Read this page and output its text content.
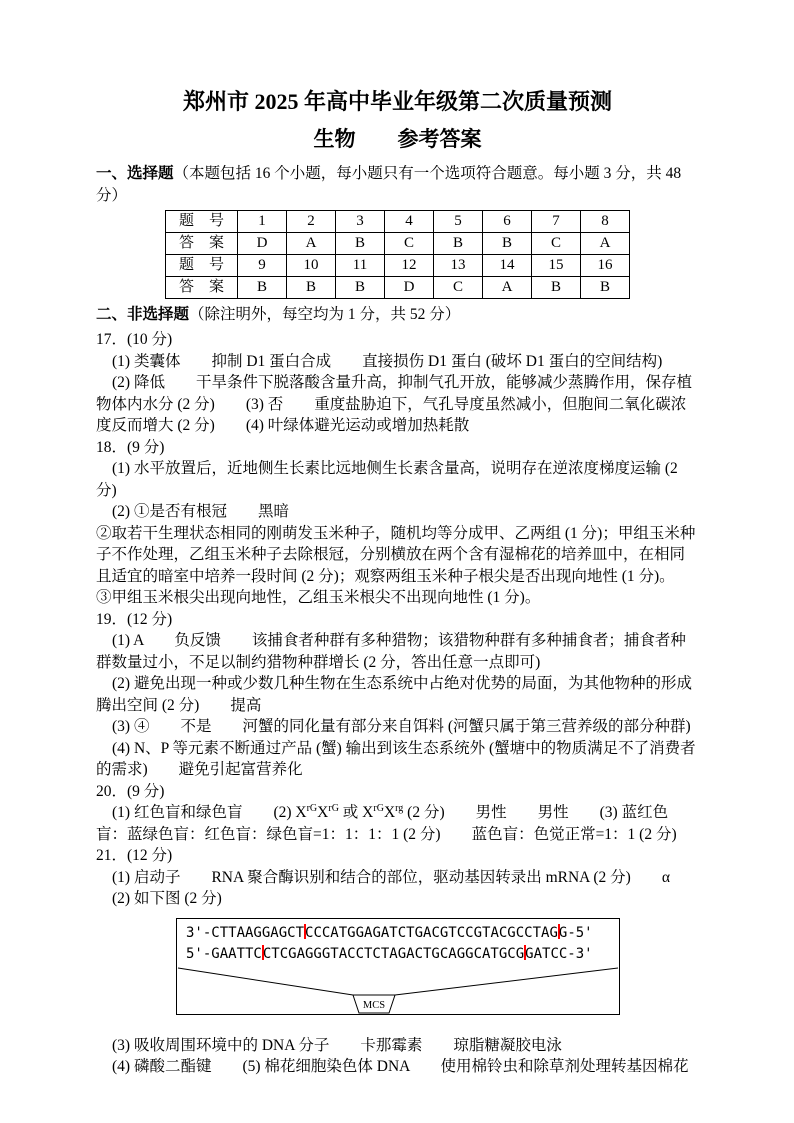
郑州市 2025 年高中毕业年级第二次质量预测
生物　　参考答案

一、选择题（本题包括 16 个小题，每小题只有一个选项符合题意。每小题 3 分，共 48 分）

题　号	1	2	3	4	5	6	7	8
答　案	D	A	B	C	B	B	C	A
题　号	9	10	11	12	13	14	15	16
答　案	B	B	B	D	C	A	B	B

二、非选择题（除注明外，每空均为 1 分，共 52 分）

17．(10 分)

(1) 类囊体　　抑制 D1 蛋白合成　　直接损伤 D1 蛋白 (破坏 D1 蛋白的空间结构)

(2) 降低　　干旱条件下脱落酸含量升高，抑制气孔开放，能够减少蒸腾作用，保存植物体内水分 (2 分)　　(3) 否　　重度盐胁迫下，气孔导度虽然减小，但胞间二氧化碳浓度反而增大 (2 分)　　(4) 叶绿体避光运动或增加热耗散

18．(9 分)

(1) 水平放置后，近地侧生长素比远地侧生长素含量高，说明存在逆浓度梯度运输 (2 分)

(2) ①是否有根冠　　黑暗

②取若干生理状态相同的刚萌发玉米种子，随机均等分成甲、乙两组 (1 分)；甲组玉米种子不作处理，乙组玉米种子去除根冠，分别横放在两个含有湿棉花的培养皿中，在相同且适宜的暗室中培养一段时间 (2 分)；观察两组玉米种子根尖是否出现向地性 (1 分)。

③甲组玉米根尖出现向地性，乙组玉米根尖不出现向地性 (1 分)。

19．(12 分)

(1) A　　负反馈　　该捕食者种群有多种猎物；该猎物种群有多种捕食者；捕食者种群数量过小，不足以制约猎物种群增长 (2 分，答出任意一点即可)

(2) 避免出现一种或少数几种生物在生态系统中占绝对优势的局面，为其他物种的形成腾出空间 (2 分)　　提高

(3) ④　　不是　　河蟹的同化量有部分来自饵料 (河蟹只属于第三营养级的部分种群)

(4) N、P 等元素不断通过产品 (蟹) 输出到该生态系统外 (蟹塘中的物质满足不了消费者的需求)　　避免引起富营养化

20．(9 分)

(1) 红色盲和绿色盲　　(2) $X^{rG}X^{rG}$ 或 $X^{rG}X^{rg}$ (2 分)　　男性　　男性　　(3) 蓝红色盲：蓝绿色盲：红色盲：绿色盲=1：1：1：1 (2 分)　　蓝色盲：色觉正常=1：1 (2 分)

21．(12 分)

(1) 启动子　　RNA 聚合酶识别和结合的部位，驱动基因转录出 mRNA (2 分)　　α

(2) 如下图 (2 分)

3'-CTTAAGGAGCTCCCATGGAGATCTGACGTCCGTACGCCTAGG-5'
5'-GAATTCCTCGAGGGTACCTCTAGACTGCAGGCATGCGGATCC-3'
MCS

(3) 吸收周围环境中的 DNA 分子　　卡那霉素　　琼脂糖凝胶电泳

(4) 磷酸二酯键　　(5) 棉花细胞染色体 DNA　　使用棉铃虫和除草剂处理转基因棉花
